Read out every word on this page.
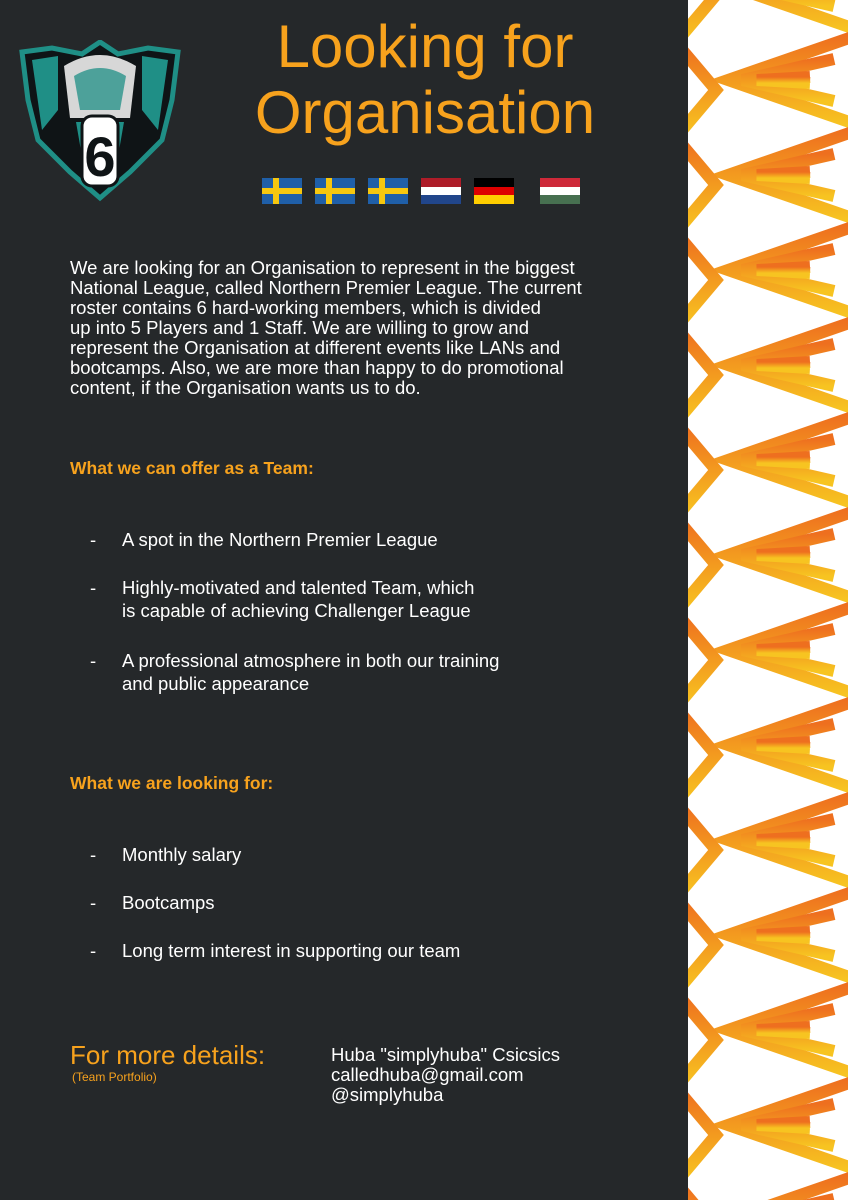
6
Looking for
Organisation
We are looking for an Organisation to represent in the biggest
National League, called Northern Premier League. The current
roster contains 6 hard-working members, which is divided
up into 5 Players and 1 Staff. We are willing to grow and
represent the Organisation at different events like LANs and
bootcamps. Also, we are more than happy to do promotional
content, if the Organisation wants us to do.
What we can offer as a Team:
-	A spot in the Northern Premier League
-	Highly-motivated and talented Team, which
is capable of achieving Challenger League
-	A professional atmosphere in both our training
and public appearance
What we are looking for:
-	Monthly salary
-	Bootcamps
-	Long term interest in supporting our team
For more details:
(Team Portfolio)
Huba "simplyhuba" Csicsics
calledhuba@gmail.com
@simplyhuba
